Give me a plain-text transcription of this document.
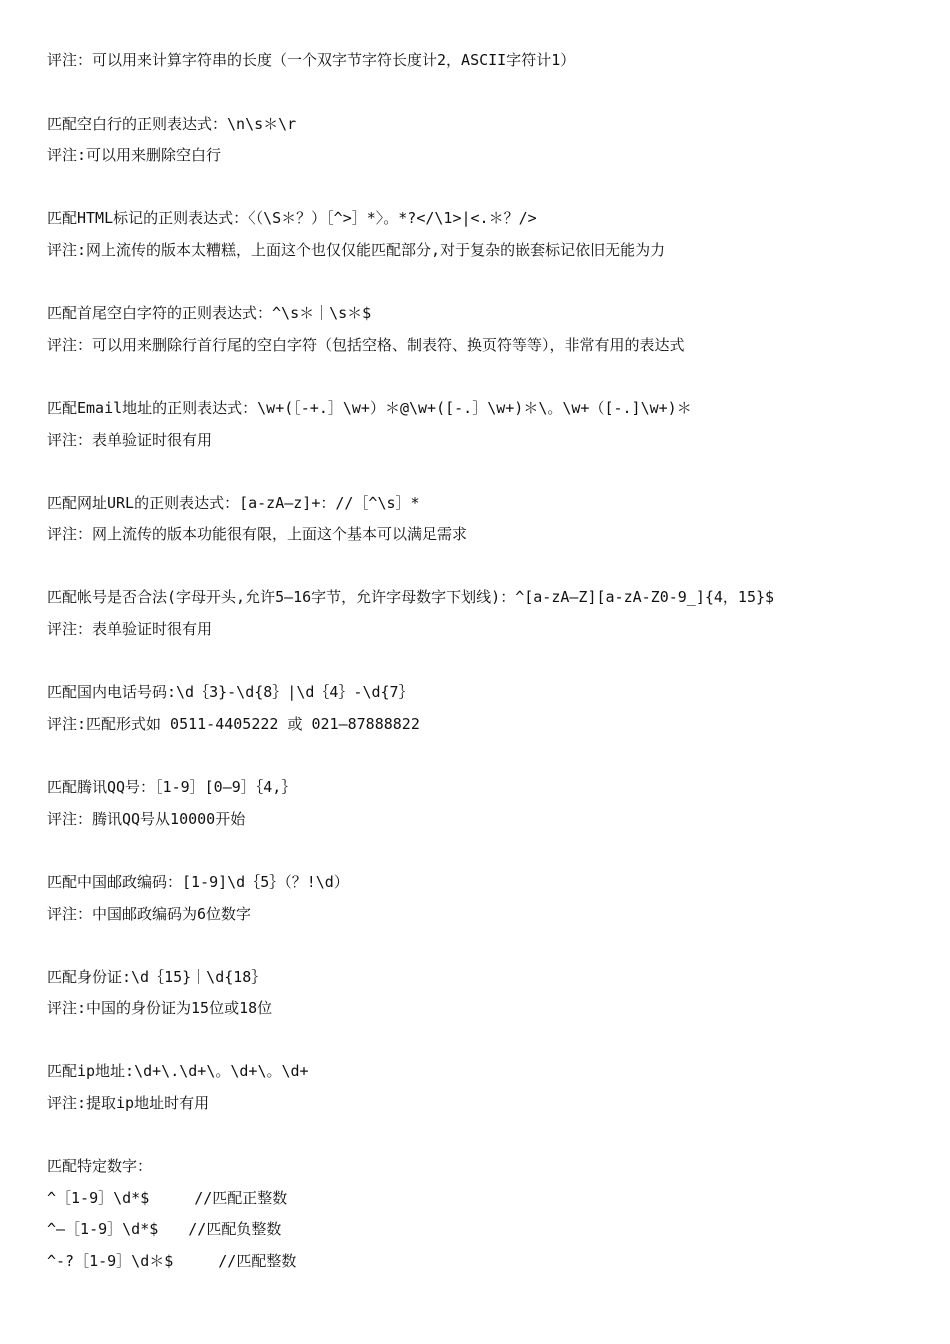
评注：可以用来计算字符串的长度（一个双字节字符长度计2，ASCII字符计1）
匹配空白行的正则表达式：\n\s＊\r
评注:可以用来删除空白行
匹配HTML标记的正则表达式：〈（\S＊？）［^>］*〉。*?</\1>|<.＊？/>
评注:网上流传的版本太糟糕，上面这个也仅仅能匹配部分,对于复杂的嵌套标记依旧无能为力
匹配首尾空白字符的正则表达式：^\s＊｜\s＊$
评注：可以用来删除行首行尾的空白字符（包括空格、制表符、换页符等等），非常有用的表达式
匹配Email地址的正则表达式：\w+(［-+.］\w+）＊@\w+([-.］\w+)＊\。\w+（[-.]\w+)＊
评注：表单验证时很有用
匹配网址URL的正则表达式：[a-zA—z]+：//［^\s］*
评注：网上流传的版本功能很有限，上面这个基本可以满足需求
匹配帐号是否合法(字母开头,允许5—16字节，允许字母数字下划线)：^[a-zA—Z][a-zA-Z0-9_]{4，15}$
评注：表单验证时很有用
匹配国内电话号码:\d｛3}-\d{8｝|\d｛4｝-\d{7｝
评注:匹配形式如 0511-4405222 或 021—87888822
匹配腾讯QQ号：［1-9］[0—9］｛4,｝
评注：腾讯QQ号从10000开始
匹配中国邮政编码：[1-9]\d｛5｝（？!\d）
评注：中国邮政编码为6位数字
匹配身份证:\d｛15}｜\d{18｝
评注:中国的身份证为15位或18位
匹配ip地址:\d+\.\d+\。\d+\。\d+
评注:提取ip地址时有用
匹配特定数字：
^［1-9］\d*$　　　//匹配正整数
^—［1-9］\d*$　　//匹配负整数
^-?［1-9］\d＊$　　　//匹配整数
